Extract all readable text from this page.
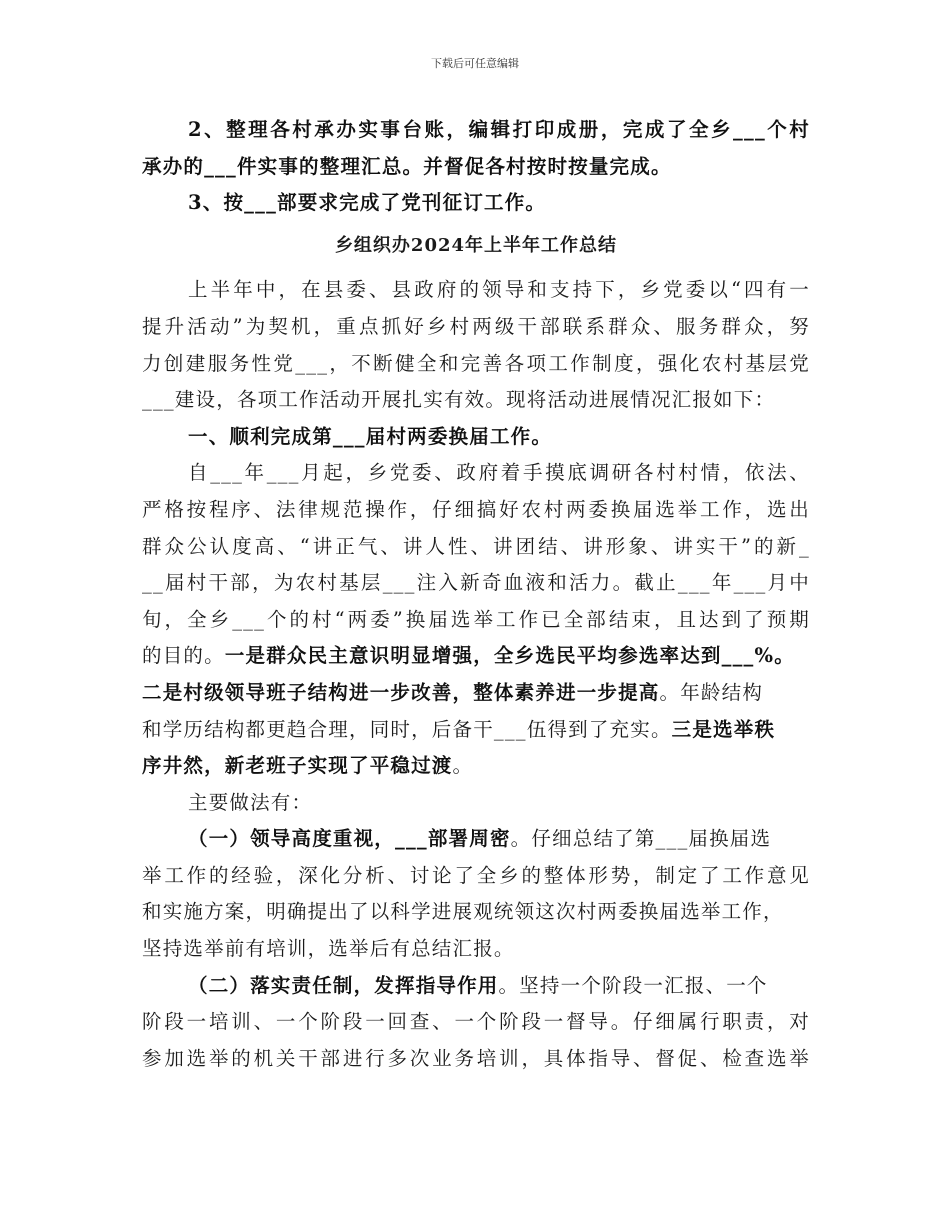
下载后可任意编辑
2、整理各村承办实事台账，编辑打印成册，完成了全乡___个村
承办的___件实事的整理汇总。并督促各村按时按量完成。
3、按___部要求完成了党刊征订工作。
乡组织办2024年上半年工作总结
上半年中，在县委、县政府的领导和支持下，乡党委以“四有一
提升活动”为契机，重点抓好乡村两级干部联系群众、服务群众，努
力创建服务性党___，不断健全和完善各项工作制度，强化农村基层党
___建设，各项工作活动开展扎实有效。现将活动进展情况汇报如下：
一、顺利完成第___届村两委换届工作。
自___年___月起，乡党委、政府着手摸底调研各村村情，依法、
严格按程序、法律规范操作，仔细搞好农村两委换届选举工作，选出
群众公认度高、“讲正气、讲人性、讲团结、讲形象、讲实干”的新_
__届村干部，为农村基层___注入新奇血液和活力。截止___年___月中
旬，全乡___个的村“两委”换届选举工作已全部结束，且达到了预期
的目的。一是群众民主意识明显增强，全乡选民平均参选率达到___%。
二是村级领导班子结构进一步改善，整体素养进一步提高。年龄结构
和学历结构都更趋合理，同时，后备干___伍得到了充实。三是选举秩
序井然，新老班子实现了平稳过渡。
主要做法有：
（一）领导高度重视，___部署周密。仔细总结了第___届换届选
举工作的经验，深化分析、讨论了全乡的整体形势，制定了工作意见
和实施方案，明确提出了以科学进展观统领这次村两委换届选举工作，
坚持选举前有培训，选举后有总结汇报。
（二）落实责任制，发挥指导作用。坚持一个阶段一汇报、一个
阶段一培训、一个阶段一回查、一个阶段一督导。仔细属行职责，对
参加选举的机关干部进行多次业务培训，具体指导、督促、检查选举
